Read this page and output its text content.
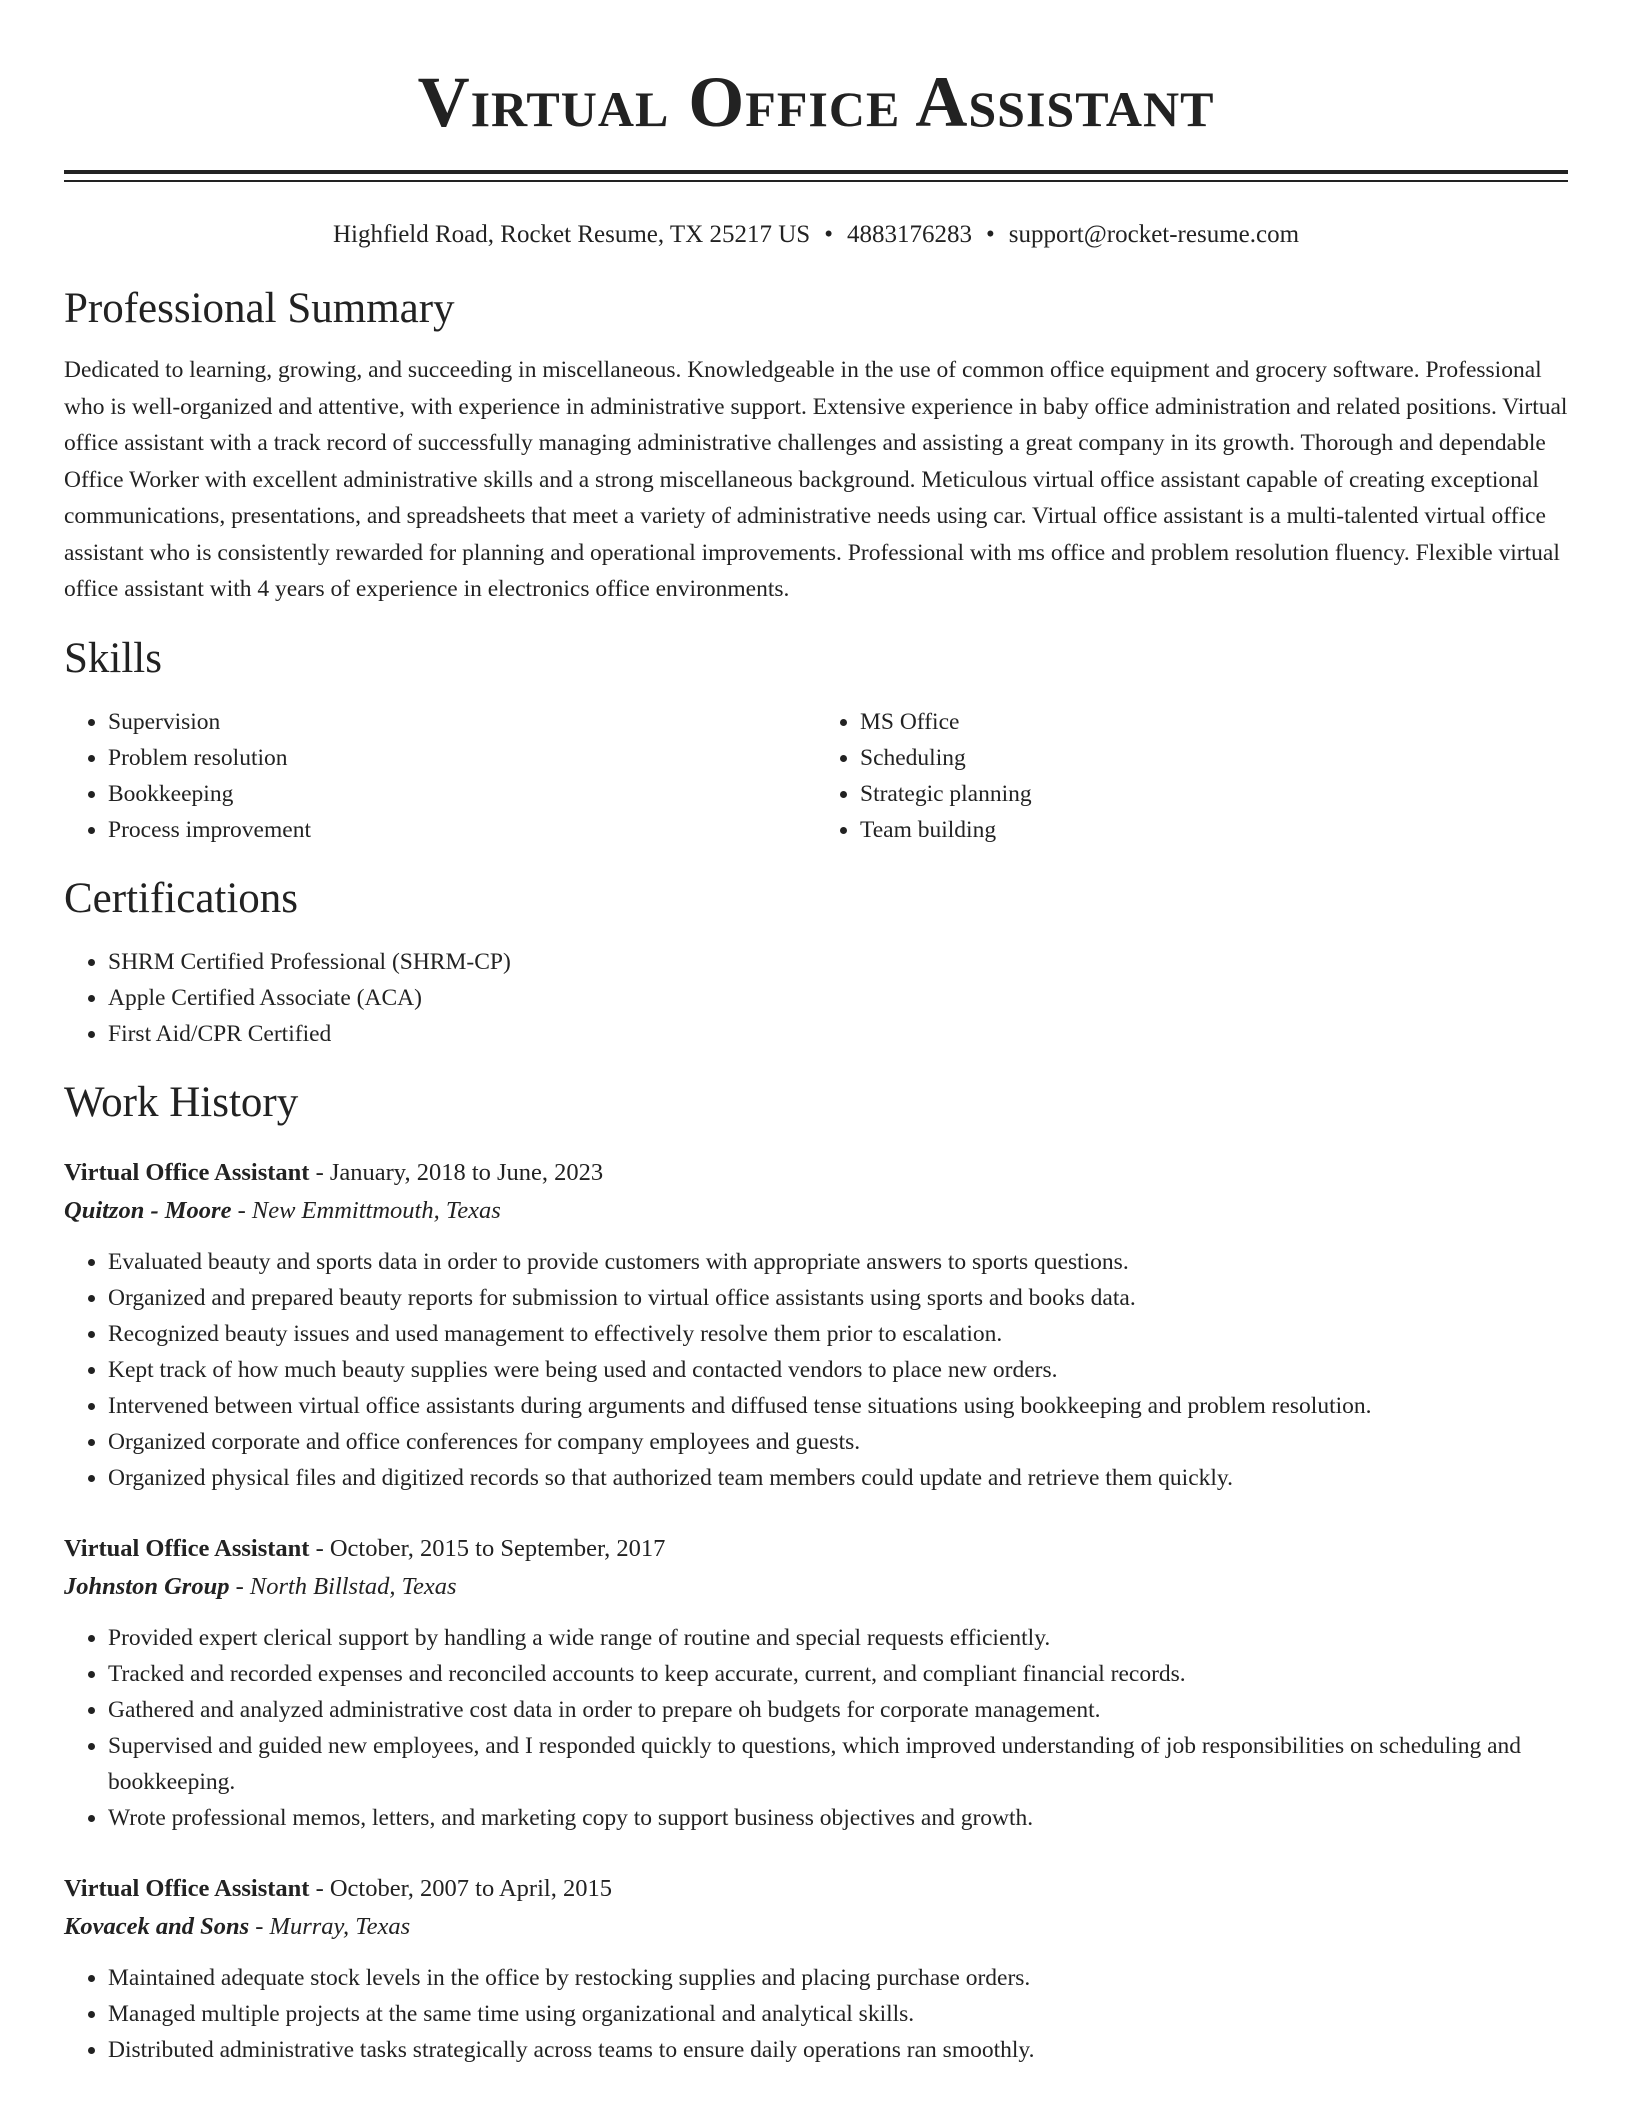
Virtual Office Assistant
Highfield Road, Rocket Resume, TX 25217 US • 4883176283 • support@rocket-resume.com
Professional Summary

Dedicated to learning, growing, and succeeding in miscellaneous. Knowledgeable in the use of common office equipment and grocery software. Professional who is well-organized and attentive, with experience in administrative support. Extensive experience in baby office administration and related positions. Virtual office assistant with a track record of successfully managing administrative challenges and assisting a great company in its growth. Thorough and dependable Office Worker with excellent administrative skills and a strong miscellaneous background. Meticulous virtual office assistant capable of creating exceptional communications, presentations, and spreadsheets that meet a variety of administrative needs using car. Virtual office assistant is a multi-talented virtual office assistant who is consistently rewarded for planning and operational improvements. Professional with ms office and problem resolution fluency. Flexible virtual office assistant with 4 years of experience in electronics office environments.

Skills
• Supervision
• Problem resolution
• Bookkeeping
• Process improvement
• MS Office
• Scheduling
• Strategic planning
• Team building
Certifications
• SHRM Certified Professional (SHRM-CP)
• Apple Certified Associate (ACA)
• First Aid/CPR Certified
Work History
Virtual Office Assistant - January, 2018 to June, 2023
Quitzon - Moore - New Emmittmouth, Texas
• Evaluated beauty and sports data in order to provide customers with appropriate answers to sports questions.
• Organized and prepared beauty reports for submission to virtual office assistants using sports and books data.
• Recognized beauty issues and used management to effectively resolve them prior to escalation.
• Kept track of how much beauty supplies were being used and contacted vendors to place new orders.
• Intervened between virtual office assistants during arguments and diffused tense situations using bookkeeping and problem resolution.
• Organized corporate and office conferences for company employees and guests.
• Organized physical files and digitized records so that authorized team members could update and retrieve them quickly.
Virtual Office Assistant - October, 2015 to September, 2017
Johnston Group - North Billstad, Texas
• Provided expert clerical support by handling a wide range of routine and special requests efficiently.
• Tracked and recorded expenses and reconciled accounts to keep accurate, current, and compliant financial records.
• Gathered and analyzed administrative cost data in order to prepare oh budgets for corporate management.
• Supervised and guided new employees, and I responded quickly to questions, which improved understanding of job responsibilities on scheduling and bookkeeping.
• Wrote professional memos, letters, and marketing copy to support business objectives and growth.
Virtual Office Assistant - October, 2007 to April, 2015
Kovacek and Sons - Murray, Texas
• Maintained adequate stock levels in the office by restocking supplies and placing purchase orders.
• Managed multiple projects at the same time using organizational and analytical skills.
• Distributed administrative tasks strategically across teams to ensure daily operations ran smoothly.
